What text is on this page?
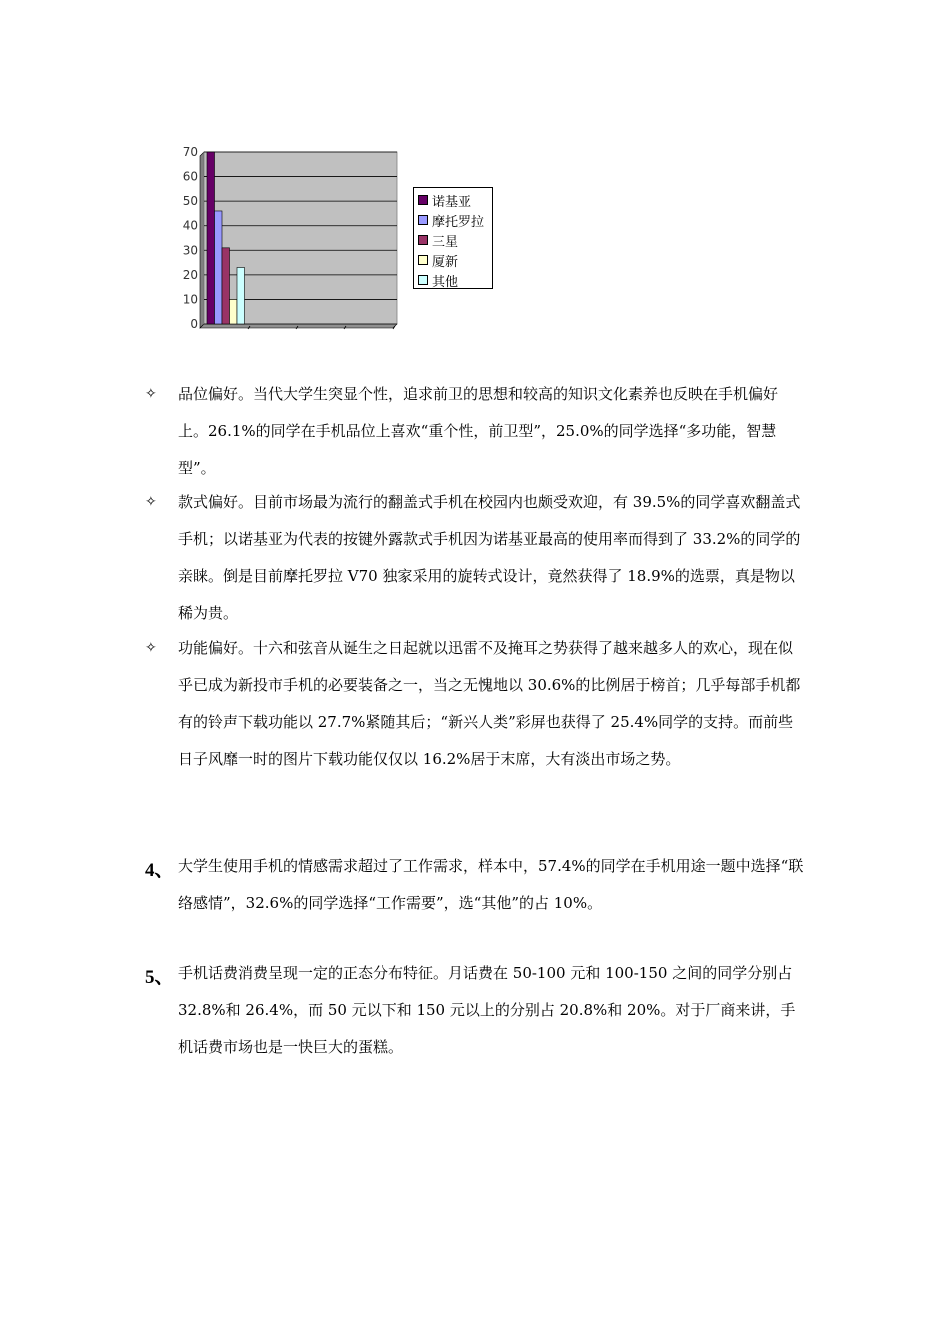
0
10
20
30
40
50
60
70
诺基亚
摩托罗拉
三星
厦新
其他
✧ 品位偏好。当代大学生突显个性，追求前卫的思想和较高的知识文化素养也反映在手机偏好上。26.1%的同学在手机品位上喜欢“重个性，前卫型”，25.0%的同学选择“多功能，智慧型”。
✧ 款式偏好。目前市场最为流行的翻盖式手机在校园内也颇受欢迎，有 39.5%的同学喜欢翻盖式手机；以诺基亚为代表的按键外露款式手机因为诺基亚最高的使用率而得到了 33.2%的同学的亲睐。倒是目前摩托罗拉 V70 独家采用的旋转式设计，竟然获得了 18.9%的选票，真是物以稀为贵。
✧ 功能偏好。十六和弦音从诞生之日起就以迅雷不及掩耳之势获得了越来越多人的欢心，现在似乎已成为新投市手机的必要装备之一，当之无愧地以 30.6%的比例居于榜首；几乎每部手机都有的铃声下载功能以 27.7%紧随其后；“新兴人类”彩屏也获得了 25.4%同学的支持。而前些日子风靡一时的图片下载功能仅仅以 16.2%居于末席，大有淡出市场之势。
4、 大学生使用手机的情感需求超过了工作需求，样本中，57.4%的同学在手机用途一题中选择“联络感情”，32.6%的同学选择“工作需要”，选“其他”的占 10%。
5、 手机话费消费呈现一定的正态分布特征。月话费在 50-100 元和 100-150 之间的同学分别占 32.8%和 26.4%，而 50 元以下和 150 元以上的分别占 20.8%和 20%。对于厂商来讲，手机话费市场也是一快巨大的蛋糕。
